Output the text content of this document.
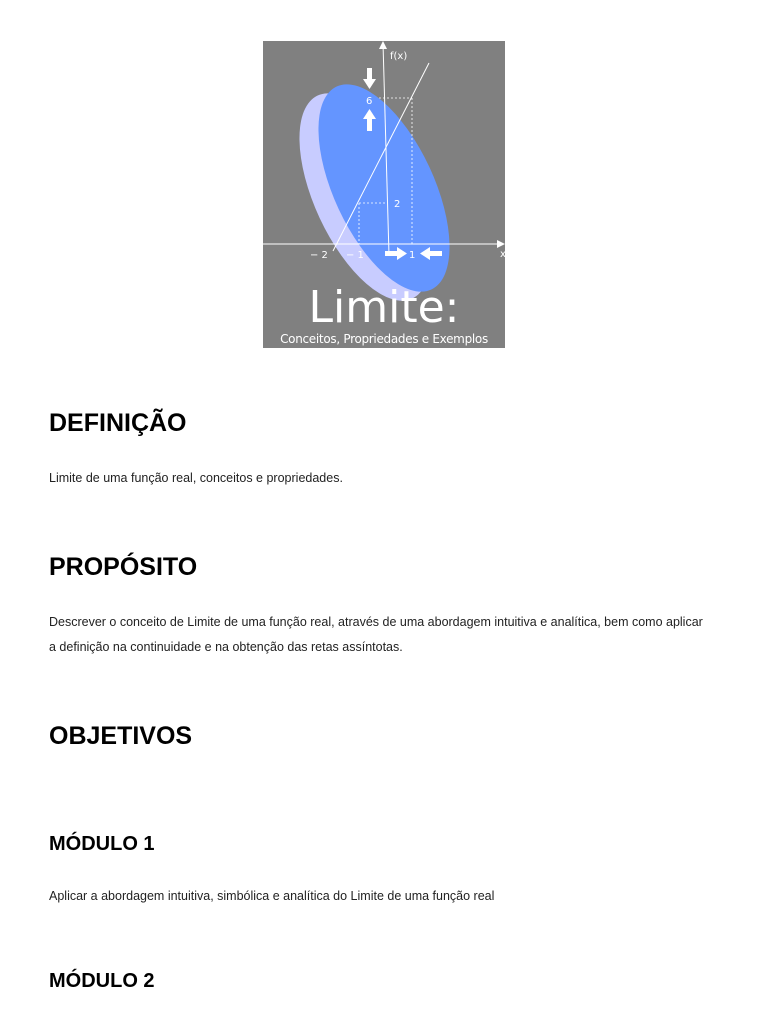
f(x)
x
6
2
− 2 − 1	1
Limite:
Conceitos, Propriedades e Exemplos
DEFINIÇÃO

Limite de uma função real, conceitos e propriedades.

PROPÓSITO

Descrever o conceito de Limite de uma função real, através de uma abordagem intuitiva e analítica, bem como aplicar a definição na continuidade e na obtenção das retas assíntotas.

OBJETIVOS
MÓDULO 1

Aplicar a abordagem intuitiva, simbólica e analítica do Limite de uma função real

MÓDULO 2
